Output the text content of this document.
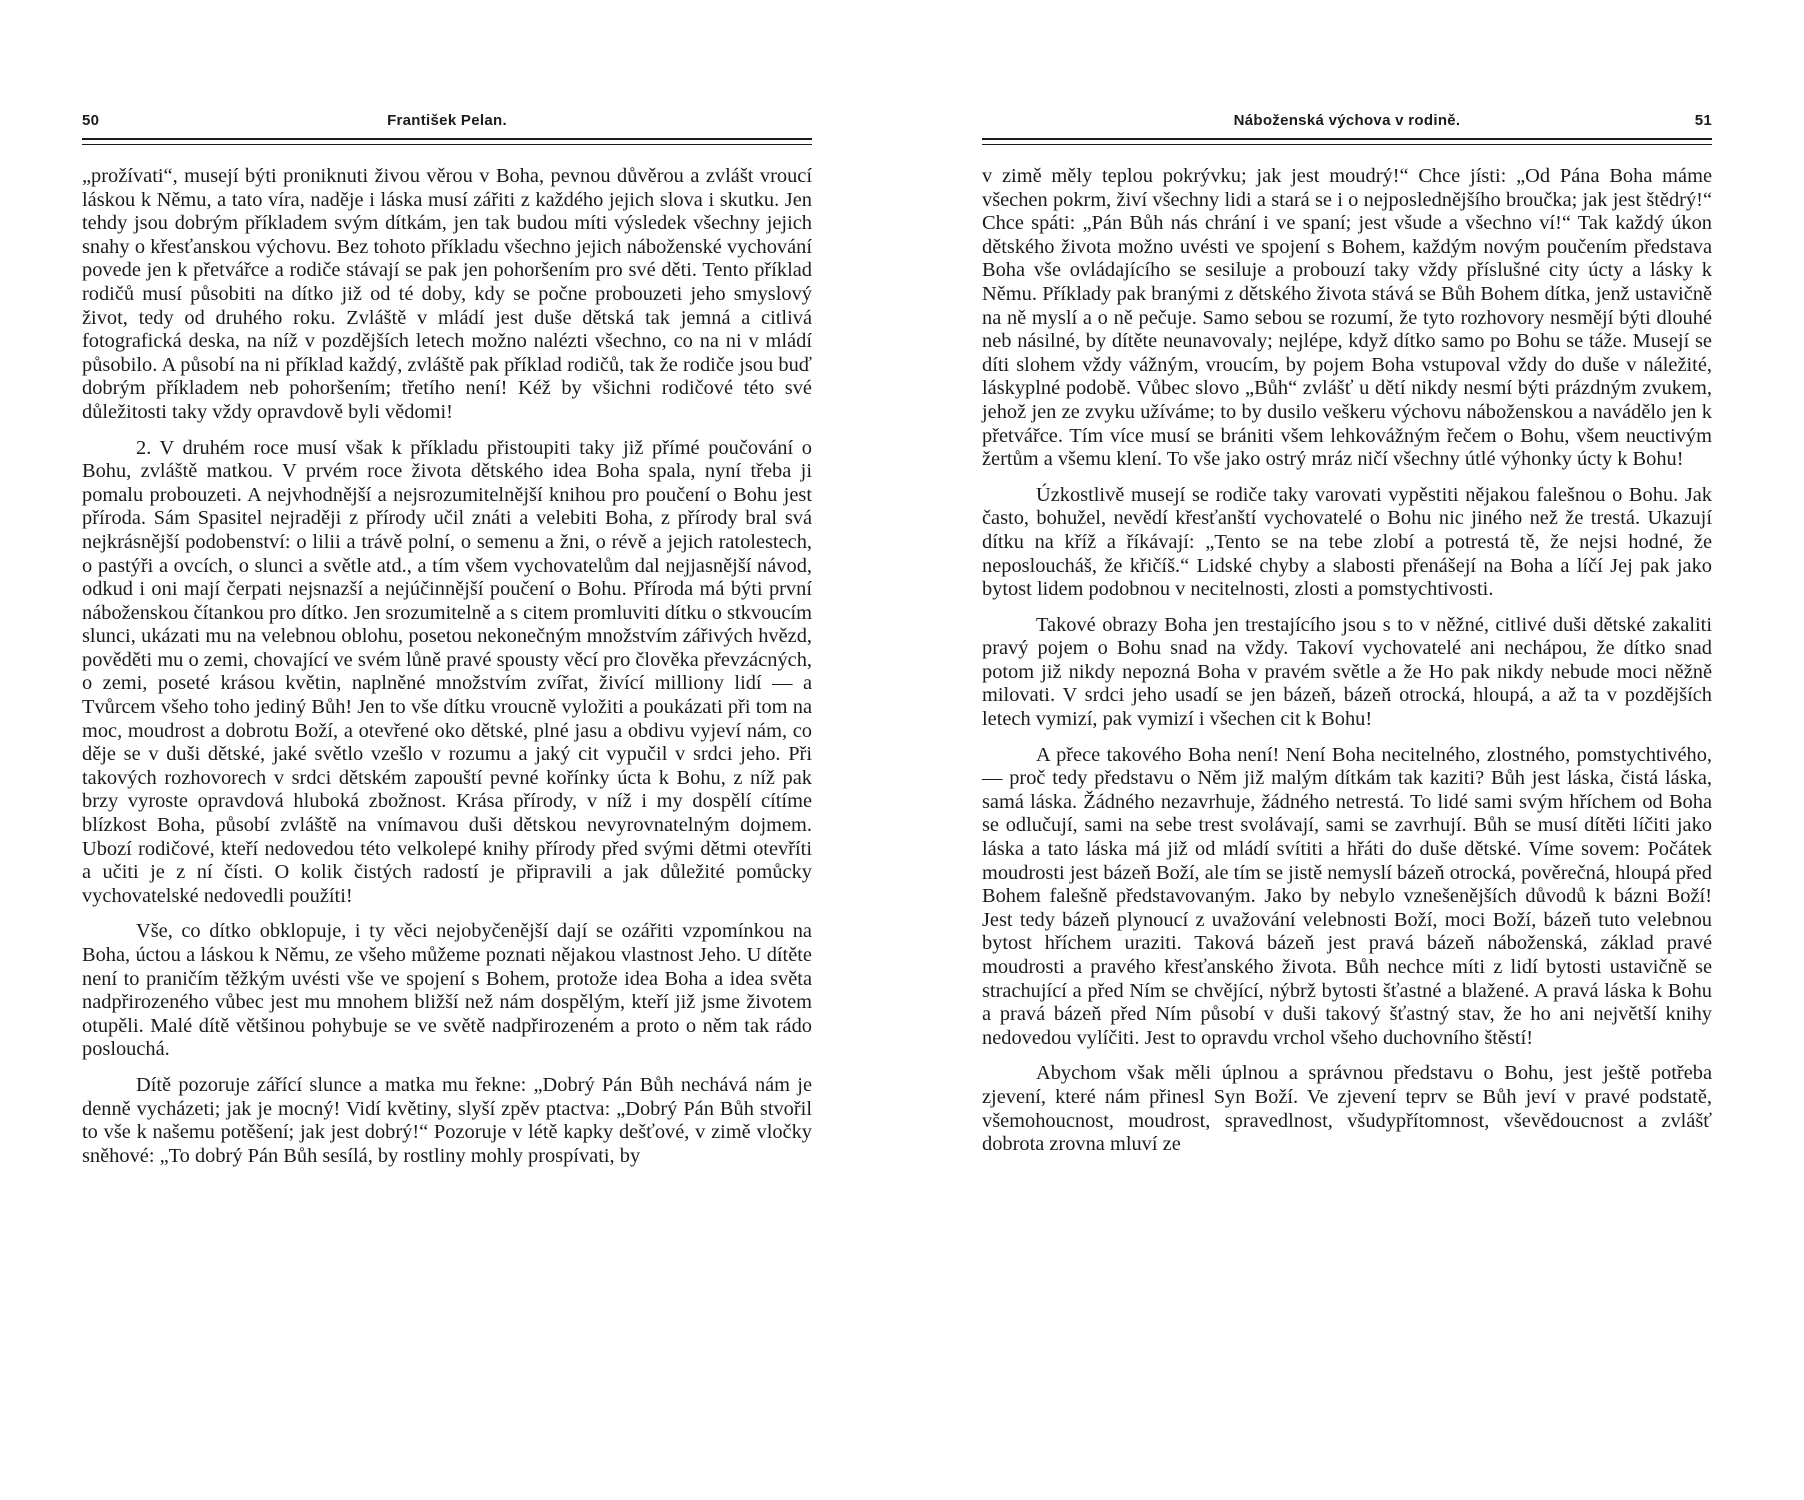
50	František Pelan.

„prožívati“, musejí býti proniknuti živou věrou v Boha, pevnou důvěrou a zvlášt vroucí láskou k Němu, a tato víra, naděje i láska musí zářiti z každého jejich slova i skutku. Jen tehdy jsou dobrým příkladem svým dítkám, jen tak budou míti výsledek všechny jejich snahy o křesťanskou výchovu. Bez tohoto příkladu všechno jejich náboženské vychování povede jen k přetvářce a rodiče stávají se pak jen pohoršením pro své děti. Tento příklad rodičů musí působiti na dítko již od té doby, kdy se počne probouzeti jeho smyslový život, tedy od druhého roku. Zvláště v mládí jest duše dětská tak jemná a citlivá fotografická deska, na níž v pozdějších letech možno nalézti všechno, co na ni v mládí působilo. A působí na ni příklad každý, zvláště pak příklad rodičů, tak že rodiče jsou buď dobrým příkladem neb pohoršením; třetího není! Kéž by všichni rodičové této své důležitosti taky vždy opravdově byli vědomi!

2. V druhém roce musí však k příkladu přistoupiti taky již přímé poučování o Bohu, zvláště matkou. V prvém roce života dětského idea Boha spala, nyní třeba ji pomalu probouzeti. A nejvhodnější a nejsrozumitelnější knihou pro poučení o Bohu jest příroda. Sám Spasitel nejraději z přírody učil znáti a velebiti Boha, z přírody bral svá nejkrásnější podobenství: o lilii a trávě polní, o semenu a žni, o révě a jejich ratolestech, o pastýři a ovcích, o slunci a světle atd., a tím všem vychovatelům dal nejjasnější návod, odkud i oni mají čerpati nejsnazší a nejúčinnější poučení o Bohu. Příroda má býti první náboženskou čítankou pro dítko. Jen srozumitelně a s citem promluviti dítku o stkvoucím slunci, ukázati mu na velebnou oblohu, posetou nekonečným množstvím zářivých hvězd, pověděti mu o zemi, chovající ve svém lůně pravé spousty věcí pro člověka převzácných, o zemi, poseté krásou květin, naplněné množstvím zvířat, živící milliony lidí — a Tvůrcem všeho toho jediný Bůh! Jen to vše dítku vroucně vyložiti a poukázati při tom na moc, moudrost a dobrotu Boží, a otevřené oko dětské, plné jasu a obdivu vyjeví nám, co děje se v duši dětské, jaké světlo vzešlo v rozumu a jaký cit vypučil v srdci jeho. Při takových rozhovorech v srdci dětském zapouští pevné kořínky úcta k Bohu, z níž pak brzy vyroste opravdová hluboká zbožnost. Krása přírody, v níž i my dospělí cítíme blízkost Boha, působí zvláště na vnímavou duši dětskou nevyrovnatelným dojmem. Ubozí rodičové, kteří nedovedou této velkolepé knihy přírody před svými dětmi otevříti a učiti je z ní čísti. O kolik čistých radostí je připravili a jak důležité pomůcky vychovatelské nedovedli použíti!

Vše, co dítko obklopuje, i ty věci nejobyčenější dají se ozářiti vzpomínkou na Boha, úctou a láskou k Němu, ze všeho můžeme poznati nějakou vlastnost Jeho. U dítěte není to praničím těžkým uvésti vše ve spojení s Bohem, protože idea Boha a idea světa nadpřirozeného vůbec jest mu mnohem bližší než nám dospělým, kteří již jsme životem otupěli. Malé dítě většinou pohybuje se ve světě nadpřirozeném a proto o něm tak rádo poslouchá.

Dítě pozoruje zářící slunce a matka mu řekne: „Dobrý Pán Bůh nechává nám je denně vycházeti; jak je mocný! Vidí květiny, slyší zpěv ptactva: „Dobrý Pán Bůh stvořil to vše k našemu potěšení; jak jest dobrý!“ Pozoruje v létě kapky dešťové, v zimě vločky sněhové: „To dobrý Pán Bůh sesílá, by rostliny mohly prospívati, by

Náboženská výchova v rodině.	51

v zimě měly teplou pokrývku; jak jest moudrý!“ Chce jísti: „Od Pána Boha máme všechen pokrm, živí všechny lidi a stará se i o nejposlednějšího broučka; jak jest štědrý!“ Chce spáti: „Pán Bůh nás chrání i ve spaní; jest všude a všechno ví!“ Tak každý úkon dětského života možno uvésti ve spojení s Bohem, každým novým poučením představa Boha vše ovládajícího se sesiluje a probouzí taky vždy příslušné city úcty a lásky k Němu. Příklady pak branými z dětského života stává se Bůh Bohem dítka, jenž ustavičně na ně myslí a o ně pečuje. Samo sebou se rozumí, že tyto rozhovory nesmějí býti dlouhé neb násilné, by dítěte neunavovaly; nejlépe, když dítko samo po Bohu se táže. Musejí se díti slohem vždy vážným, vroucím, by pojem Boha vstupoval vždy do duše v náležité, láskyplné podobě. Vůbec slovo „Bůh“ zvlášť u dětí nikdy nesmí býti prázdným zvukem, jehož jen ze zvyku užíváme; to by dusilo veškeru výchovu náboženskou a navádělo jen k přetvářce. Tím více musí se brániti všem lehkovážným řečem o Bohu, všem neuctivým žertům a všemu klení. To vše jako ostrý mráz ničí všechny útlé výhonky úcty k Bohu!

Úzkostlivě musejí se rodiče taky varovati vypěstiti nějakou falešnou o Bohu. Jak často, bohužel, nevědí křesťanští vychovatelé o Bohu nic jiného než že trestá. Ukazují dítku na kříž a říkávají: „Tento se na tebe zlobí a potrestá tě, že nejsi hodné, že neposloucháš, že křičíš.“ Lidské chyby a slabosti přenášejí na Boha a líčí Jej pak jako bytost lidem podobnou v necitelnosti, zlosti a pomstychtivosti.

Takové obrazy Boha jen trestajícího jsou s to v něžné, citlivé duši dětské zakaliti pravý pojem o Bohu snad na vždy. Takoví vychovatelé ani nechápou, že dítko snad potom již nikdy nepozná Boha v pravém světle a že Ho pak nikdy nebude moci něžně milovati. V srdci jeho usadí se jen bázeň, bázeň otrocká, hloupá, a až ta v pozdějších letech vymizí, pak vymizí i všechen cit k Bohu!

A přece takového Boha není! Není Boha necitelného, zlostného, pomstychtivého, — proč tedy představu o Něm již malým dítkám tak kaziti? Bůh jest láska, čistá láska, samá láska. Žádného nezavrhuje, žádného netrestá. To lidé sami svým hříchem od Boha se odlučují, sami na sebe trest svolávají, sami se zavrhují. Bůh se musí dítěti líčiti jako láska a tato láska má již od mládí svítiti a hřáti do duše dětské. Víme sovem: Počátek moudrosti jest bázeň Boží, ale tím se jistě nemyslí bázeň otrocká, pověrečná, hloupá před Bohem falešně představovaným. Jako by nebylo vznešenějších důvodů k bázni Boží! Jest tedy bázeň plynoucí z uvažování velebnosti Boží, moci Boží, bázeň tuto velebnou bytost hříchem uraziti. Taková bázeň jest pravá bázeň náboženská, základ pravé moudrosti a pravého křesťanského života. Bůh nechce míti z lidí bytosti ustavičně se strachující a před Ním se chvějící, nýbrž bytosti šťastné a blažené. A pravá láska k Bohu a pravá bázeň před Ním působí v duši takový šťastný stav, že ho ani největší knihy nedovedou vylíčiti. Jest to opravdu vrchol všeho duchovního štěstí!

Abychom však měli úplnou a správnou představu o Bohu, jest ještě potřeba zjevení, které nám přinesl Syn Boží. Ve zjevení teprv se Bůh jeví v pravé podstatě, všemohoucnost, moudrost, spravedlnost, všudypřítomnost, vševědoucnost a zvlášť dobrota zrovna mluví ze
